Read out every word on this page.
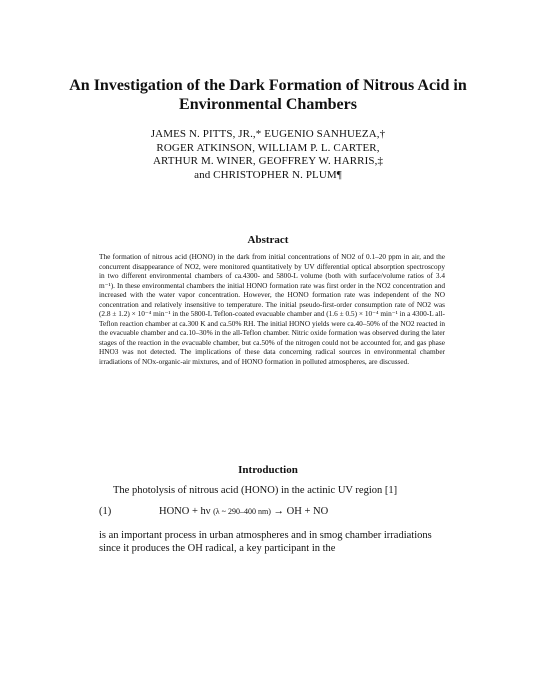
An Investigation of the Dark Formation of Nitrous Acid in Environmental Chambers
JAMES N. PITTS, JR.,* EUGENIO SANHUEZA,†
ROGER ATKINSON, WILLIAM P. L. CARTER,
ARTHUR M. WINER, GEOFFREY W. HARRIS,‡
and CHRISTOPHER N. PLUM¶
Abstract
The formation of nitrous acid (HONO) in the dark from initial concentrations of NO2 of 0.1–20 ppm in air, and the concurrent disappearance of NO2, were monitored quantitatively by UV differential optical absorption spectroscopy in two different environmental chambers of ca.4300- and 5800-L volume (both with surface/volume ratios of 3.4 m⁻¹). In these environmental chambers the initial HONO formation rate was first order in the NO2 concentration and increased with the water vapor concentration. However, the HONO formation rate was independent of the NO concentration and relatively insensitive to temperature. The initial pseudo-first-order consumption rate of NO2 was (2.8 ± 1.2) × 10⁻⁴ min⁻¹ in the 5800-L Teflon-coated evacuable chamber and (1.6 ± 0.5) × 10⁻⁴ min⁻¹ in a 4300-L all-Teflon reaction chamber at ca.300 K and ca.50% RH. The initial HONO yields were ca.40–50% of the NO2 reacted in the evacuable chamber and ca.10–30% in the all-Teflon chamber. Nitric oxide formation was observed during the later stages of the reaction in the evacuable chamber, but ca.50% of the nitrogen could not be accounted for, and gas phase HNO3 was not detected. The implications of these data concerning radical sources in environmental chamber irradiations of NOx-organic-air mixtures, and of HONO formation in polluted atmospheres, are discussed.
Introduction
The photolysis of nitrous acid (HONO) in the actinic UV region [1]
(1)	HONO + hν (λ ~ 290–400 nm) → OH + NO
is an important process in urban atmospheres and in smog chamber irradiations since it produces the OH radical, a key participant in the
